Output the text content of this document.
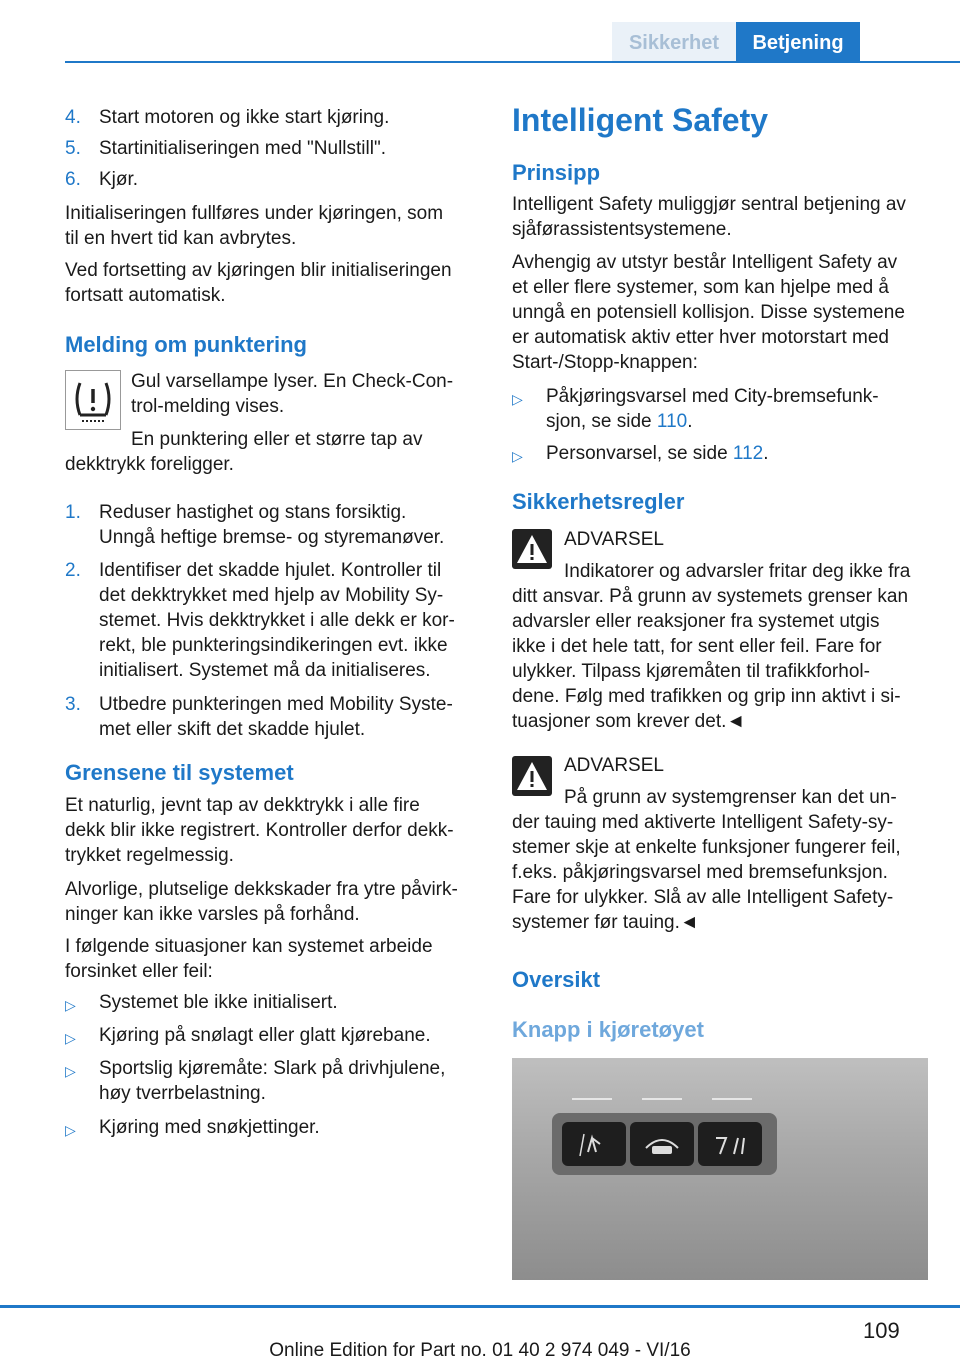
Sikkerhet	Betjening
4. Start motoren og ikke start kjøring.
5. Startinitialiseringen med "Nullstill".
6. Kjør.
Initialiseringen fullføres under kjøringen, som
til en hvert tid kan avbrytes.
Ved fortsetting av kjøringen blir initialiseringen
fortsatt automatisk.
Melding om punktering
Gul varsellampe lyser. En Check-Con-
trol-melding vises.
En punktering eller et større tap av
dekktrykk foreligger.
1. Reduser hastighet og stans forsiktig.
Unngå heftige bremse- og styremanøver.
2. Identifiser det skadde hjulet. Kontroller til
det dekktrykket med hjelp av Mobility Sy-
stemet. Hvis dekktrykket i alle dekk er kor-
rekt, ble punkteringsindikeringen evt. ikke
initialisert. Systemet må da initialiseres.
3. Utbedre punkteringen med Mobility Syste-
met eller skift det skadde hjulet.
Grensene til systemet
Et naturlig, jevnt tap av dekktrykk i alle fire
dekk blir ikke registrert. Kontroller derfor dekk-
trykket regelmessig.
Alvorlige, plutselige dekkskader fra ytre påvirk-
ninger kan ikke varsles på forhånd.
I følgende situasjoner kan systemet arbeide
forsinket eller feil:
▷ Systemet ble ikke initialisert.
▷ Kjøring på snølagt eller glatt kjørebane.
▷ Sportslig kjøremåte: Slark på drivhjulene,
høy tverrbelastning.
▷ Kjøring med snøkjettinger.
Intelligent Safety
Prinsipp
Intelligent Safety muliggjør sentral betjening av
sjåførassistentsystemene.
Avhengig av utstyr består Intelligent Safety av
et eller flere systemer, som kan hjelpe med å
unngå en potensiell kollisjon. Disse systemene
er automatisk aktiv etter hver motorstart med
Start-/Stopp-knappen:
▷ Påkjøringsvarsel med City-bremsefunk-
sjon, se side 110.
▷ Personvarsel, se side 112.
Sikkerhetsregler
ADVARSEL
Indikatorer og advarsler fritar deg ikke fra
ditt ansvar. På grunn av systemets grenser kan
advarsler eller reaksjoner fra systemet utgis
ikke i det hele tatt, for sent eller feil. Fare for
ulykker. Tilpass kjøremåten til trafikkforhol-
dene. Følg med trafikken og grip inn aktivt i si-
tuasjoner som krever det.◄
ADVARSEL
På grunn av systemgrenser kan det un-
der tauing med aktiverte Intelligent Safety-sy-
stemer skje at enkelte funksjoner fungerer feil,
f.eks. påkjøringsvarsel med bremsefunksjon.
Fare for ulykker. Slå av alle Intelligent Safety-
systemer før tauing.◄
Oversikt
Knapp i kjøretøyet
109
Online Edition for Part no. 01 40 2 974 049 - VI/16
